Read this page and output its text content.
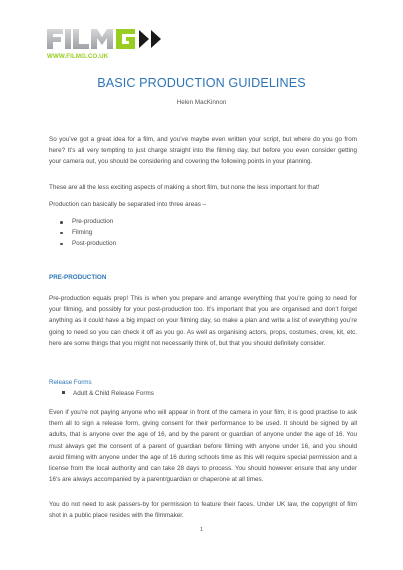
WWW.FILMG.CO.UK
BASIC PRODUCTION GUIDELINES
Helen MacKinnon
So you’ve got a great idea for a film, and you’ve maybe even written your script, but where do you go from here? It’s all very tempting to just charge straight into the filming day, but before you even consider getting your camera out, you should be considering and covering the following points in your planning.
These are all the less exciting aspects of making a short film, but none the less important for that!
Production can basically be separated into three areas –
Pre-production
Filming
Post-production
PRE-PRODUCTION
Pre-production equals prep! This is when you prepare and arrange everything that you’re going to need for your filming, and possibly for your post-production too. It’s important that you are organised and don’t forget anything as it could have a big impact on your filming day, so make a plan and write a list of everything you’re going to need so you can check it off as you go. As well as organising actors, props, costumes, crew, kit, etc. here are some things that you might not necessarily think of, but that you should definitely consider.
Release Forms
Adult & Child Release Forms
Even if you’re not paying anyone who will appear in front of the camera in your film, it is good practise to ask them all to sign a release form, giving consent for their performance to be used. It should be signed by all adults, that is anyone over the age of 16, and by the parent or guardian of anyone under the age of 16. You must always get the consent of a parent of guardian before filming with anyone under 16, and you should avoid filming with anyone under the age of 16 during schools time as this will require special permission and a license from the local authority and can take 28 days to process. You should however ensure that any under 16’s are always accompanied by a parent/guardian or chaperone at all times.
You do not need to ask passers-by for permission to feature their faces. Under UK law, the copyright of film shot in a public place resides with the filmmaker.
1
